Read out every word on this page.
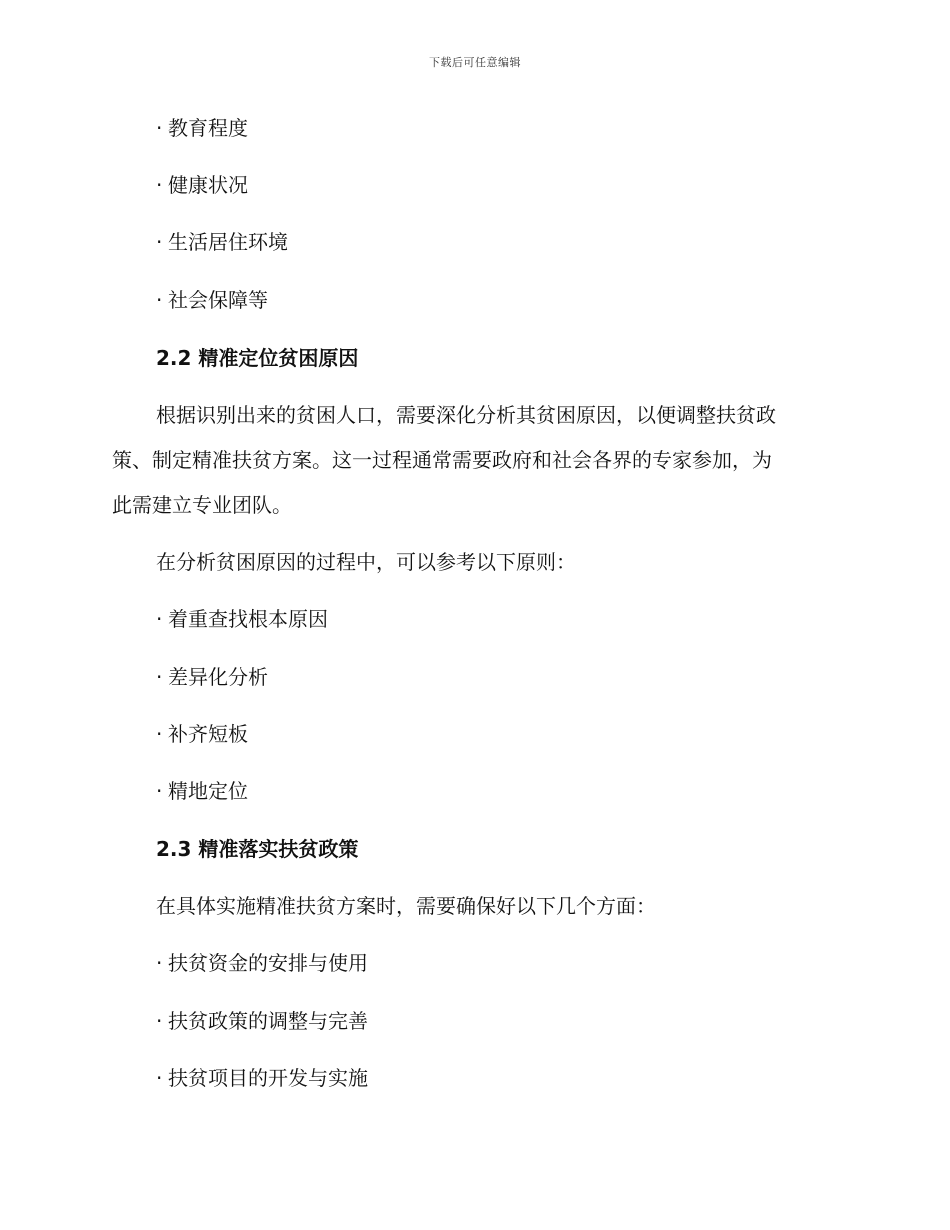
下载后可任意编辑
· 教育程度
· 健康状况
· 生活居住环境
· 社会保障等
2.2 精准定位贫困原因
根据识别出来的贫困人口，需要深化分析其贫困原因，以便调整扶贫政
策、制定精准扶贫方案。这一过程通常需要政府和社会各界的专家参加，为
此需建立专业团队。
在分析贫困原因的过程中，可以参考以下原则：
· 着重查找根本原因
· 差异化分析
· 补齐短板
· 精地定位
2.3 精准落实扶贫政策
在具体实施精准扶贫方案时，需要确保好以下几个方面：
· 扶贫资金的安排与使用
· 扶贫政策的调整与完善
· 扶贫项目的开发与实施
